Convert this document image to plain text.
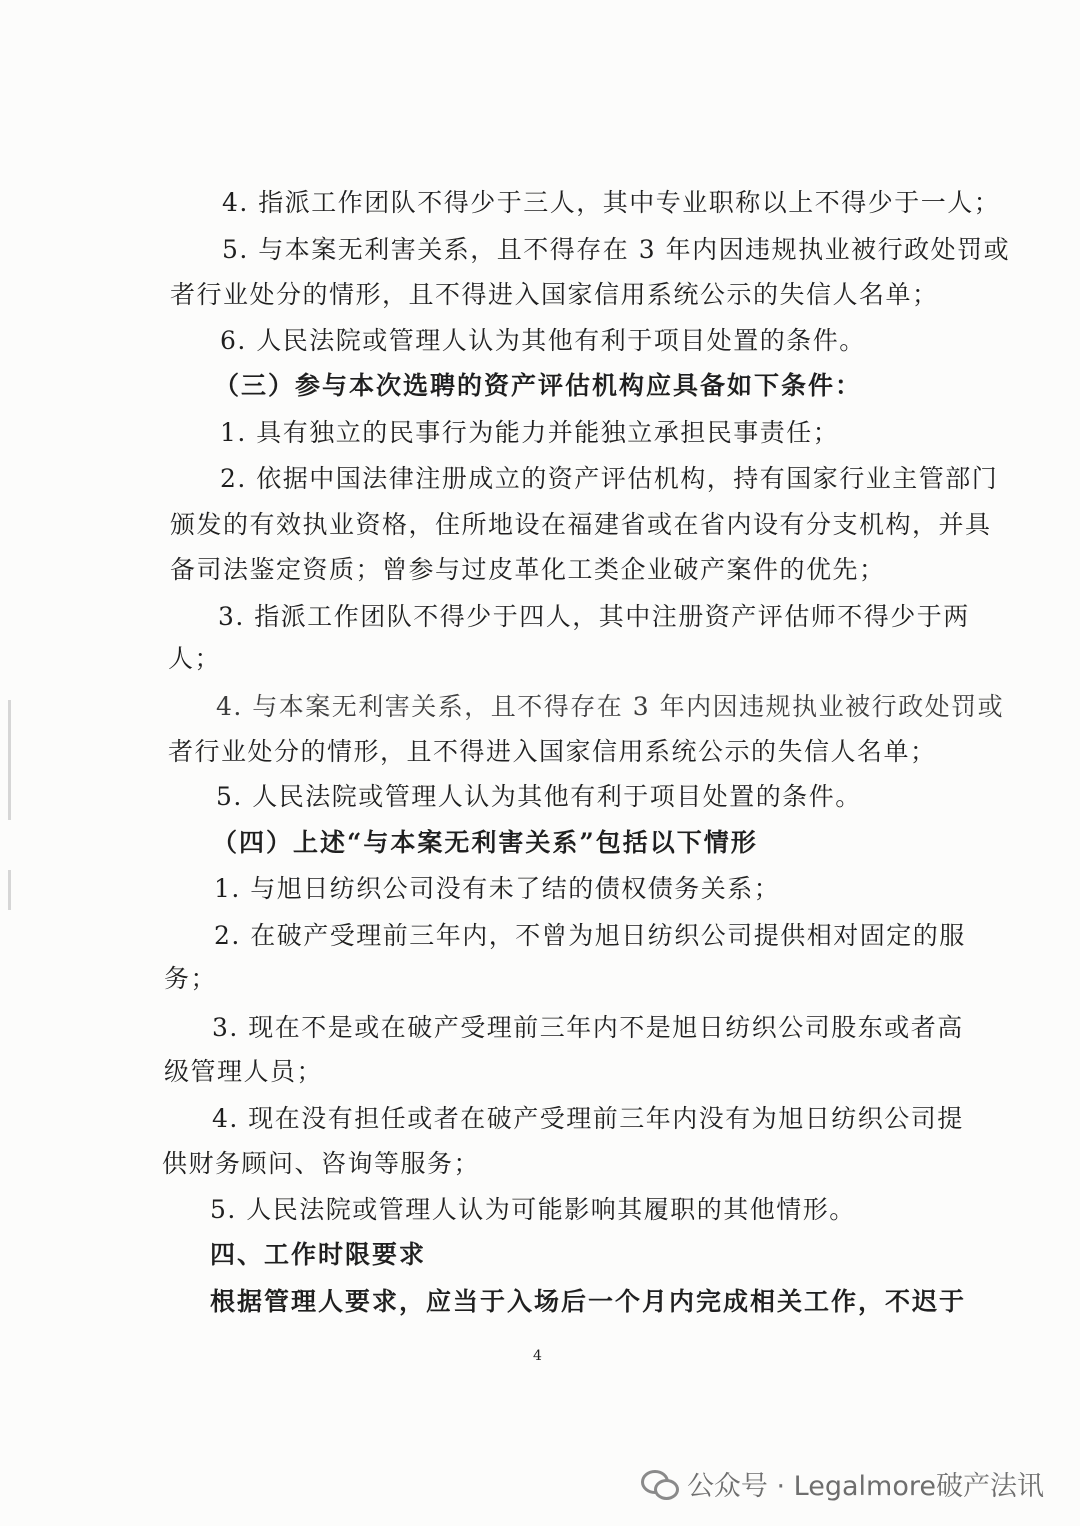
4. 指派工作团队不得少于三人，其中专业职称以上不得少于一人；
5. 与本案无利害关系，且不得存在 3 年内因违规执业被行政处罚或
者行业处分的情形，且不得进入国家信用系统公示的失信人名单；
6. 人民法院或管理人认为其他有利于项目处置的条件。
（三）参与本次选聘的资产评估机构应具备如下条件：
1. 具有独立的民事行为能力并能独立承担民事责任；
2. 依据中国法律注册成立的资产评估机构，持有国家行业主管部门
颁发的有效执业资格，住所地设在福建省或在省内设有分支机构，并具
备司法鉴定资质；曾参与过皮革化工类企业破产案件的优先；
3. 指派工作团队不得少于四人，其中注册资产评估师不得少于两
人；
4. 与本案无利害关系，且不得存在 3 年内因违规执业被行政处罚或
者行业处分的情形，且不得进入国家信用系统公示的失信人名单；
5. 人民法院或管理人认为其他有利于项目处置的条件。
（四）上述“与本案无利害关系”包括以下情形
1. 与旭日纺织公司没有未了结的债权债务关系；
2. 在破产受理前三年内，不曾为旭日纺织公司提供相对固定的服
务；
3. 现在不是或在破产受理前三年内不是旭日纺织公司股东或者高
级管理人员；
4. 现在没有担任或者在破产受理前三年内没有为旭日纺织公司提
供财务顾问、咨询等服务；
5. 人民法院或管理人认为可能影响其履职的其他情形。
四、工作时限要求
根据管理人要求，应当于入场后一个月内完成相关工作，不迟于
4
公众号 · Legalmore破产法讯
